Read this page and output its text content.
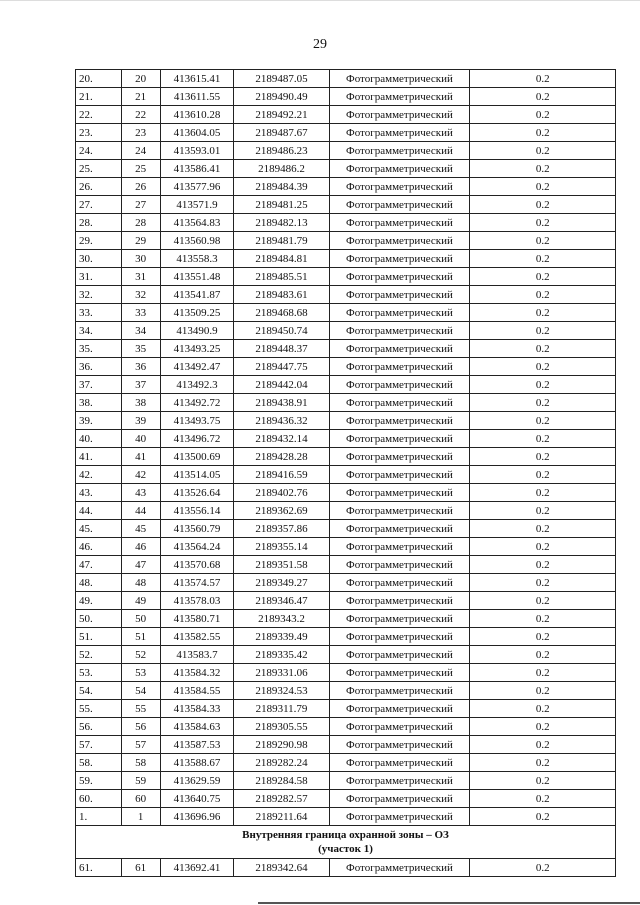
29
20.	20	413615.41	2189487.05	Фотограмметрический	0.2
21.	21	413611.55	2189490.49	Фотограмметрический	0.2
22.	22	413610.28	2189492.21	Фотограмметрический	0.2
23.	23	413604.05	2189487.67	Фотограмметрический	0.2
24.	24	413593.01	2189486.23	Фотограмметрический	0.2
25.	25	413586.41	2189486.2	Фотограмметрический	0.2
26.	26	413577.96	2189484.39	Фотограмметрический	0.2
27.	27	413571.9	2189481.25	Фотограмметрический	0.2
28.	28	413564.83	2189482.13	Фотограмметрический	0.2
29.	29	413560.98	2189481.79	Фотограмметрический	0.2
30.	30	413558.3	2189484.81	Фотограмметрический	0.2
31.	31	413551.48	2189485.51	Фотограмметрический	0.2
32.	32	413541.87	2189483.61	Фотограмметрический	0.2
33.	33	413509.25	2189468.68	Фотограмметрический	0.2
34.	34	413490.9	2189450.74	Фотограмметрический	0.2
35.	35	413493.25	2189448.37	Фотограмметрический	0.2
36.	36	413492.47	2189447.75	Фотограмметрический	0.2
37.	37	413492.3	2189442.04	Фотограмметрический	0.2
38.	38	413492.72	2189438.91	Фотограмметрический	0.2
39.	39	413493.75	2189436.32	Фотограмметрический	0.2
40.	40	413496.72	2189432.14	Фотограмметрический	0.2
41.	41	413500.69	2189428.28	Фотограмметрический	0.2
42.	42	413514.05	2189416.59	Фотограмметрический	0.2
43.	43	413526.64	2189402.76	Фотограмметрический	0.2
44.	44	413556.14	2189362.69	Фотограмметрический	0.2
45.	45	413560.79	2189357.86	Фотограмметрический	0.2
46.	46	413564.24	2189355.14	Фотограмметрический	0.2
47.	47	413570.68	2189351.58	Фотограмметрический	0.2
48.	48	413574.57	2189349.27	Фотограмметрический	0.2
49.	49	413578.03	2189346.47	Фотограмметрический	0.2
50.	50	413580.71	2189343.2	Фотограмметрический	0.2
51.	51	413582.55	2189339.49	Фотограмметрический	0.2
52.	52	413583.7	2189335.42	Фотограмметрический	0.2
53.	53	413584.32	2189331.06	Фотограмметрический	0.2
54.	54	413584.55	2189324.53	Фотограмметрический	0.2
55.	55	413584.33	2189311.79	Фотограмметрический	0.2
56.	56	413584.63	2189305.55	Фотограмметрический	0.2
57.	57	413587.53	2189290.98	Фотограмметрический	0.2
58.	58	413588.67	2189282.24	Фотограмметрический	0.2
59.	59	413629.59	2189284.58	Фотограмметрический	0.2
60.	60	413640.75	2189282.57	Фотограмметрический	0.2
1.	1	413696.96	2189211.64	Фотограмметрический	0.2

Внутренняя граница охранной зоны – ОЗ
(участок 1)					

61.	61	413692.41	2189342.64	Фотограмметрический	0.2
